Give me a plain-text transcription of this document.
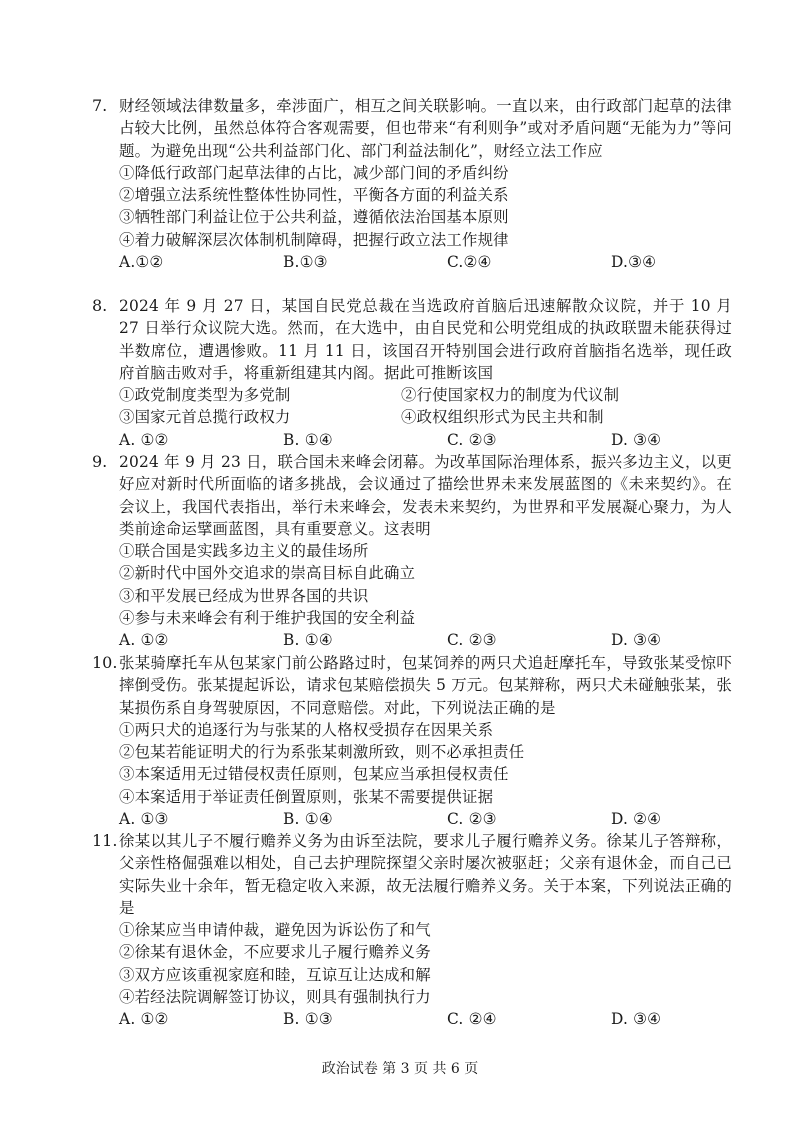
7. 财经领域法律数量多，牵涉面广，相互之间关联影响。一直以来，由行政部门起草的法律占较大比例，虽然总体符合客观需要，但也带来“有利则争”或对矛盾问题“无能为力”等问题。为避免出现“公共利益部门化、部门利益法制化”，财经立法工作应

①降低行政部门起草法律的占比，减少部门间的矛盾纠纷

②增强立法系统性整体性协同性，平衡各方面的利益关系

③牺牲部门利益让位于公共利益，遵循依法治国基本原则

④着力破解深层次体制机制障碍，把握行政立法工作规律

A.①②	B.①③	C.②④	D.③④
8. 2024 年 9 月 27 日，某国自民党总裁在当选政府首脑后迅速解散众议院，并于 10 月 27 日举行众议院大选。然而，在大选中，由自民党和公明党组成的执政联盟未能获得过半数席位，遭遇惨败。11 月 11 日，该国召开特别国会进行政府首脑指名选举，现任政府首脑击败对手，将重新组建其内阁。据此可推断该国

①政党制度类型为多党制	②行使国家权力的制度为代议制
③国家元首总揽行政权力	④政权组织形式为民主共和制
A. ①②	B. ①④	C. ②③	D. ③④
9. 2024 年 9 月 23 日，联合国未来峰会闭幕。为改革国际治理体系，振兴多边主义，以更好应对新时代所面临的诸多挑战，会议通过了描绘世界未来发展蓝图的《未来契约》。在会议上，我国代表指出，举行未来峰会，发表未来契约，为世界和平发展凝心聚力，为人类前途命运擘画蓝图，具有重要意义。这表明

①联合国是实践多边主义的最佳场所

②新时代中国外交追求的崇高目标自此确立

③和平发展已经成为世界各国的共识

④参与未来峰会有利于维护我国的安全利益

A. ①②	B. ①④	C. ②③	D. ③④
10. 张某骑摩托车从包某家门前公路路过时，包某饲养的两只犬追赶摩托车，导致张某受惊吓摔倒受伤。张某提起诉讼，请求包某赔偿损失 5 万元。包某辩称，两只犬未碰触张某，张某损伤系自身驾驶原因，不同意赔偿。对此，下列说法正确的是

①两只犬的追逐行为与张某的人格权受损存在因果关系

②包某若能证明犬的行为系张某刺激所致，则不必承担责任

③本案适用无过错侵权责任原则，包某应当承担侵权责任

④本案适用于举证责任倒置原则，张某不需要提供证据

A. ①③	B. ①④	C. ②③	D. ②④
11. 徐某以其儿子不履行赡养义务为由诉至法院，要求儿子履行赡养义务。徐某儿子答辩称，父亲性格倔强难以相处，自己去护理院探望父亲时屡次被驱赶；父亲有退休金，而自己已实际失业十余年，暂无稳定收入来源，故无法履行赡养义务。关于本案，下列说法正确的是

①徐某应当申请仲裁，避免因为诉讼伤了和气

②徐某有退休金，不应要求儿子履行赡养义务

③双方应该重视家庭和睦，互谅互让达成和解

④若经法院调解签订协议，则具有强制执行力

A. ①②	B. ①③	C. ②④	D. ③④
政治试卷 第 3 页 共 6 页
